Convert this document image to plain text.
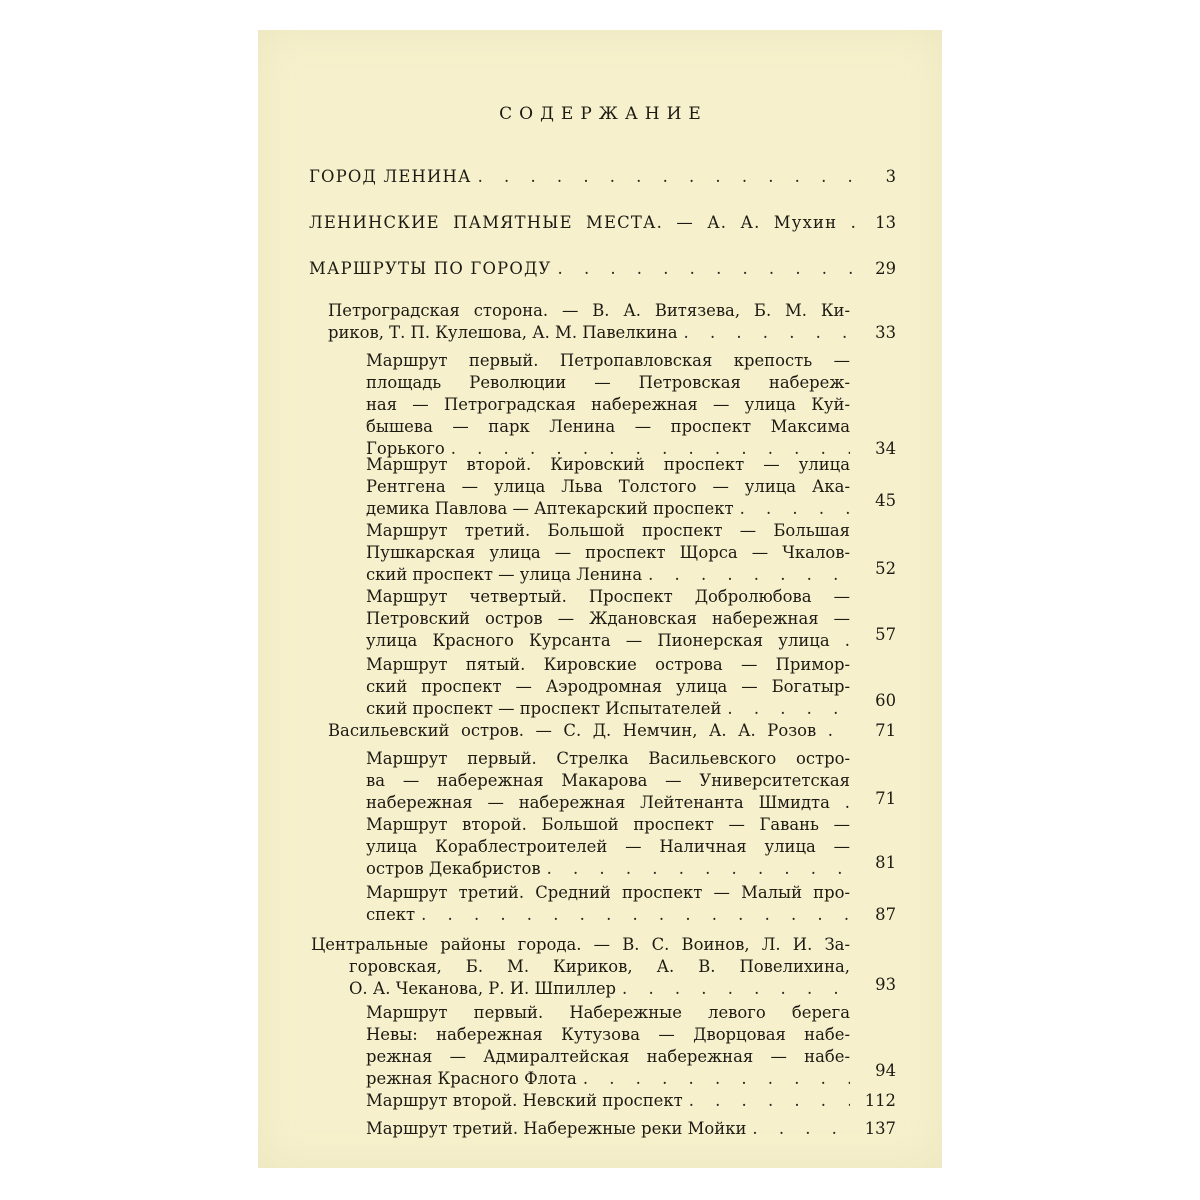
СОДЕРЖАНИЕ
ГОРОД ЛЕНИНА . . .	3
ЛЕНИНСКИЕ ПАМЯТНЫЕ МЕСТА. — А. А. Мухин .	13
МАРШРУТЫ ПО ГОРОДУ . . .	29
Петроградская сторона. — В. А. Витязева, Б. М. Ки-
риков, Т. П. Кулешова, А. М. Павелкина . . .	33
Маршрут первый. Петропавловская крепость —
площадь Революции — Петровская набереж-
ная — Петроградская набережная — улица Куй-
бышева — парк Ленина — проспект Максима
Горького . . .	34
Маршрут второй. Кировский проспект — улица
Рентгена — улица Льва Толстого — улица Ака-
демика Павлова — Аптекарский проспект . . .	45
Маршрут третий. Большой проспект — Большая
Пушкарская улица — проспект Щорса — Чкалов-
ский проспект — улица Ленина . . .	52
Маршрут четвертый. Проспект Добролюбова —
Петровский остров — Ждановская набережная —
улица Красного Курсанта — Пионерская улица .	57
Маршрут пятый. Кировские острова — Примор-
ский проспект — Аэродромная улица — Богатыр-
ский проспект — проспект Испытателей . . .	60
Васильевский остров. — С. Д. Немчин, А. А. Розов .	71
Маршрут первый. Стрелка Васильевского остро-
ва — набережная Макарова — Университетская
набережная — набережная Лейтенанта Шмидта .	71
Маршрут второй. Большой проспект — Гавань —
улица Кораблестроителей — Наличная улица —
остров Декабристов . . .	81
Маршрут третий. Средний проспект — Малый про-
спект . . .	87
Центральные районы города. — В. С. Воинов, Л. И. За-
горовская, Б. М. Кириков, А. В. Повелихина,
О. А. Чеканова, Р. И. Шпиллер . . .	93
Маршрут первый. Набережные левого берега
Невы: набережная Кутузова — Дворцовая набе-
режная — Адмиралтейская набережная — набе-
режная Красного Флота . . .	94
Маршрут второй. Невский проспект . . .	112
Маршрут третий. Набережные реки Мойки . . .	137
